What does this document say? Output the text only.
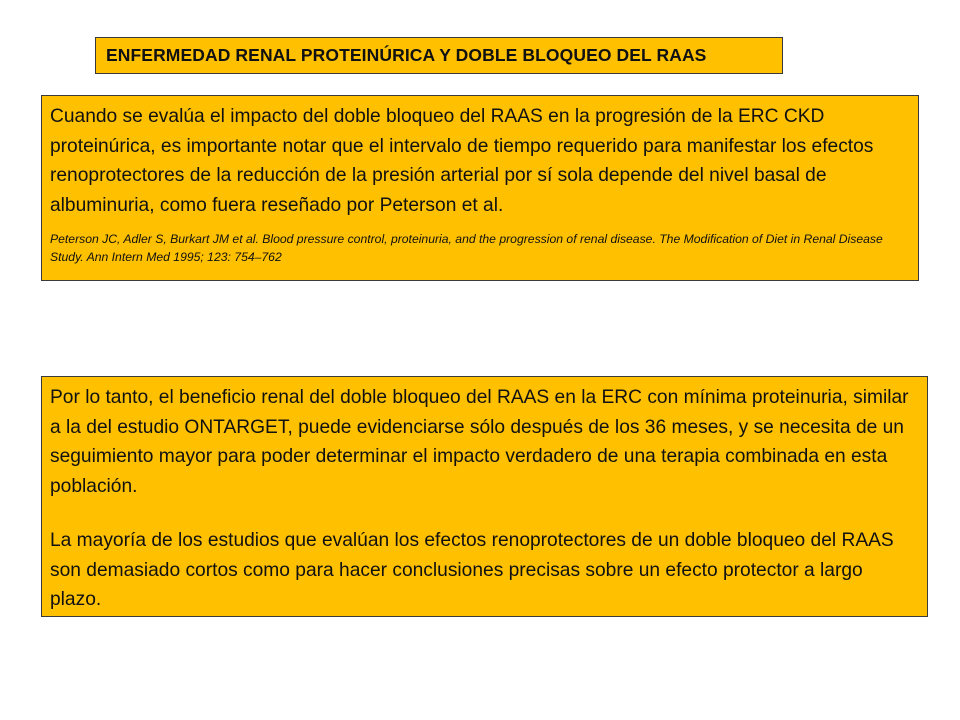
ENFERMEDAD RENAL PROTEINÚRICA Y DOBLE BLOQUEO DEL RAAS

Cuando se evalúa el impacto del doble bloqueo del RAAS en la progresión de la ERC CKD proteinúrica, es importante notar que el intervalo de tiempo requerido para manifestar los efectos renoprotectores de la reducción de la presión arterial por sí sola depende del nivel basal de albuminuria, como fuera reseñado por Peterson et al.

Peterson JC, Adler S, Burkart JM et al. Blood pressure control, proteinuria, and the progression of renal disease. The Modification of Diet in Renal Disease Study. Ann Intern Med 1995; 123: 754–762

Por lo tanto, el beneficio renal del doble bloqueo del RAAS en la ERC con mínima proteinuria, similar a la del estudio ONTARGET, puede evidenciarse sólo después de los 36 meses, y se necesita de un seguimiento mayor para poder determinar el impacto verdadero de una terapia combinada en esta población.

La mayoría de los estudios que evalúan los efectos renoprotectores de un doble bloqueo del RAAS son demasiado cortos como para hacer conclusiones precisas sobre un efecto protector a largo plazo.
